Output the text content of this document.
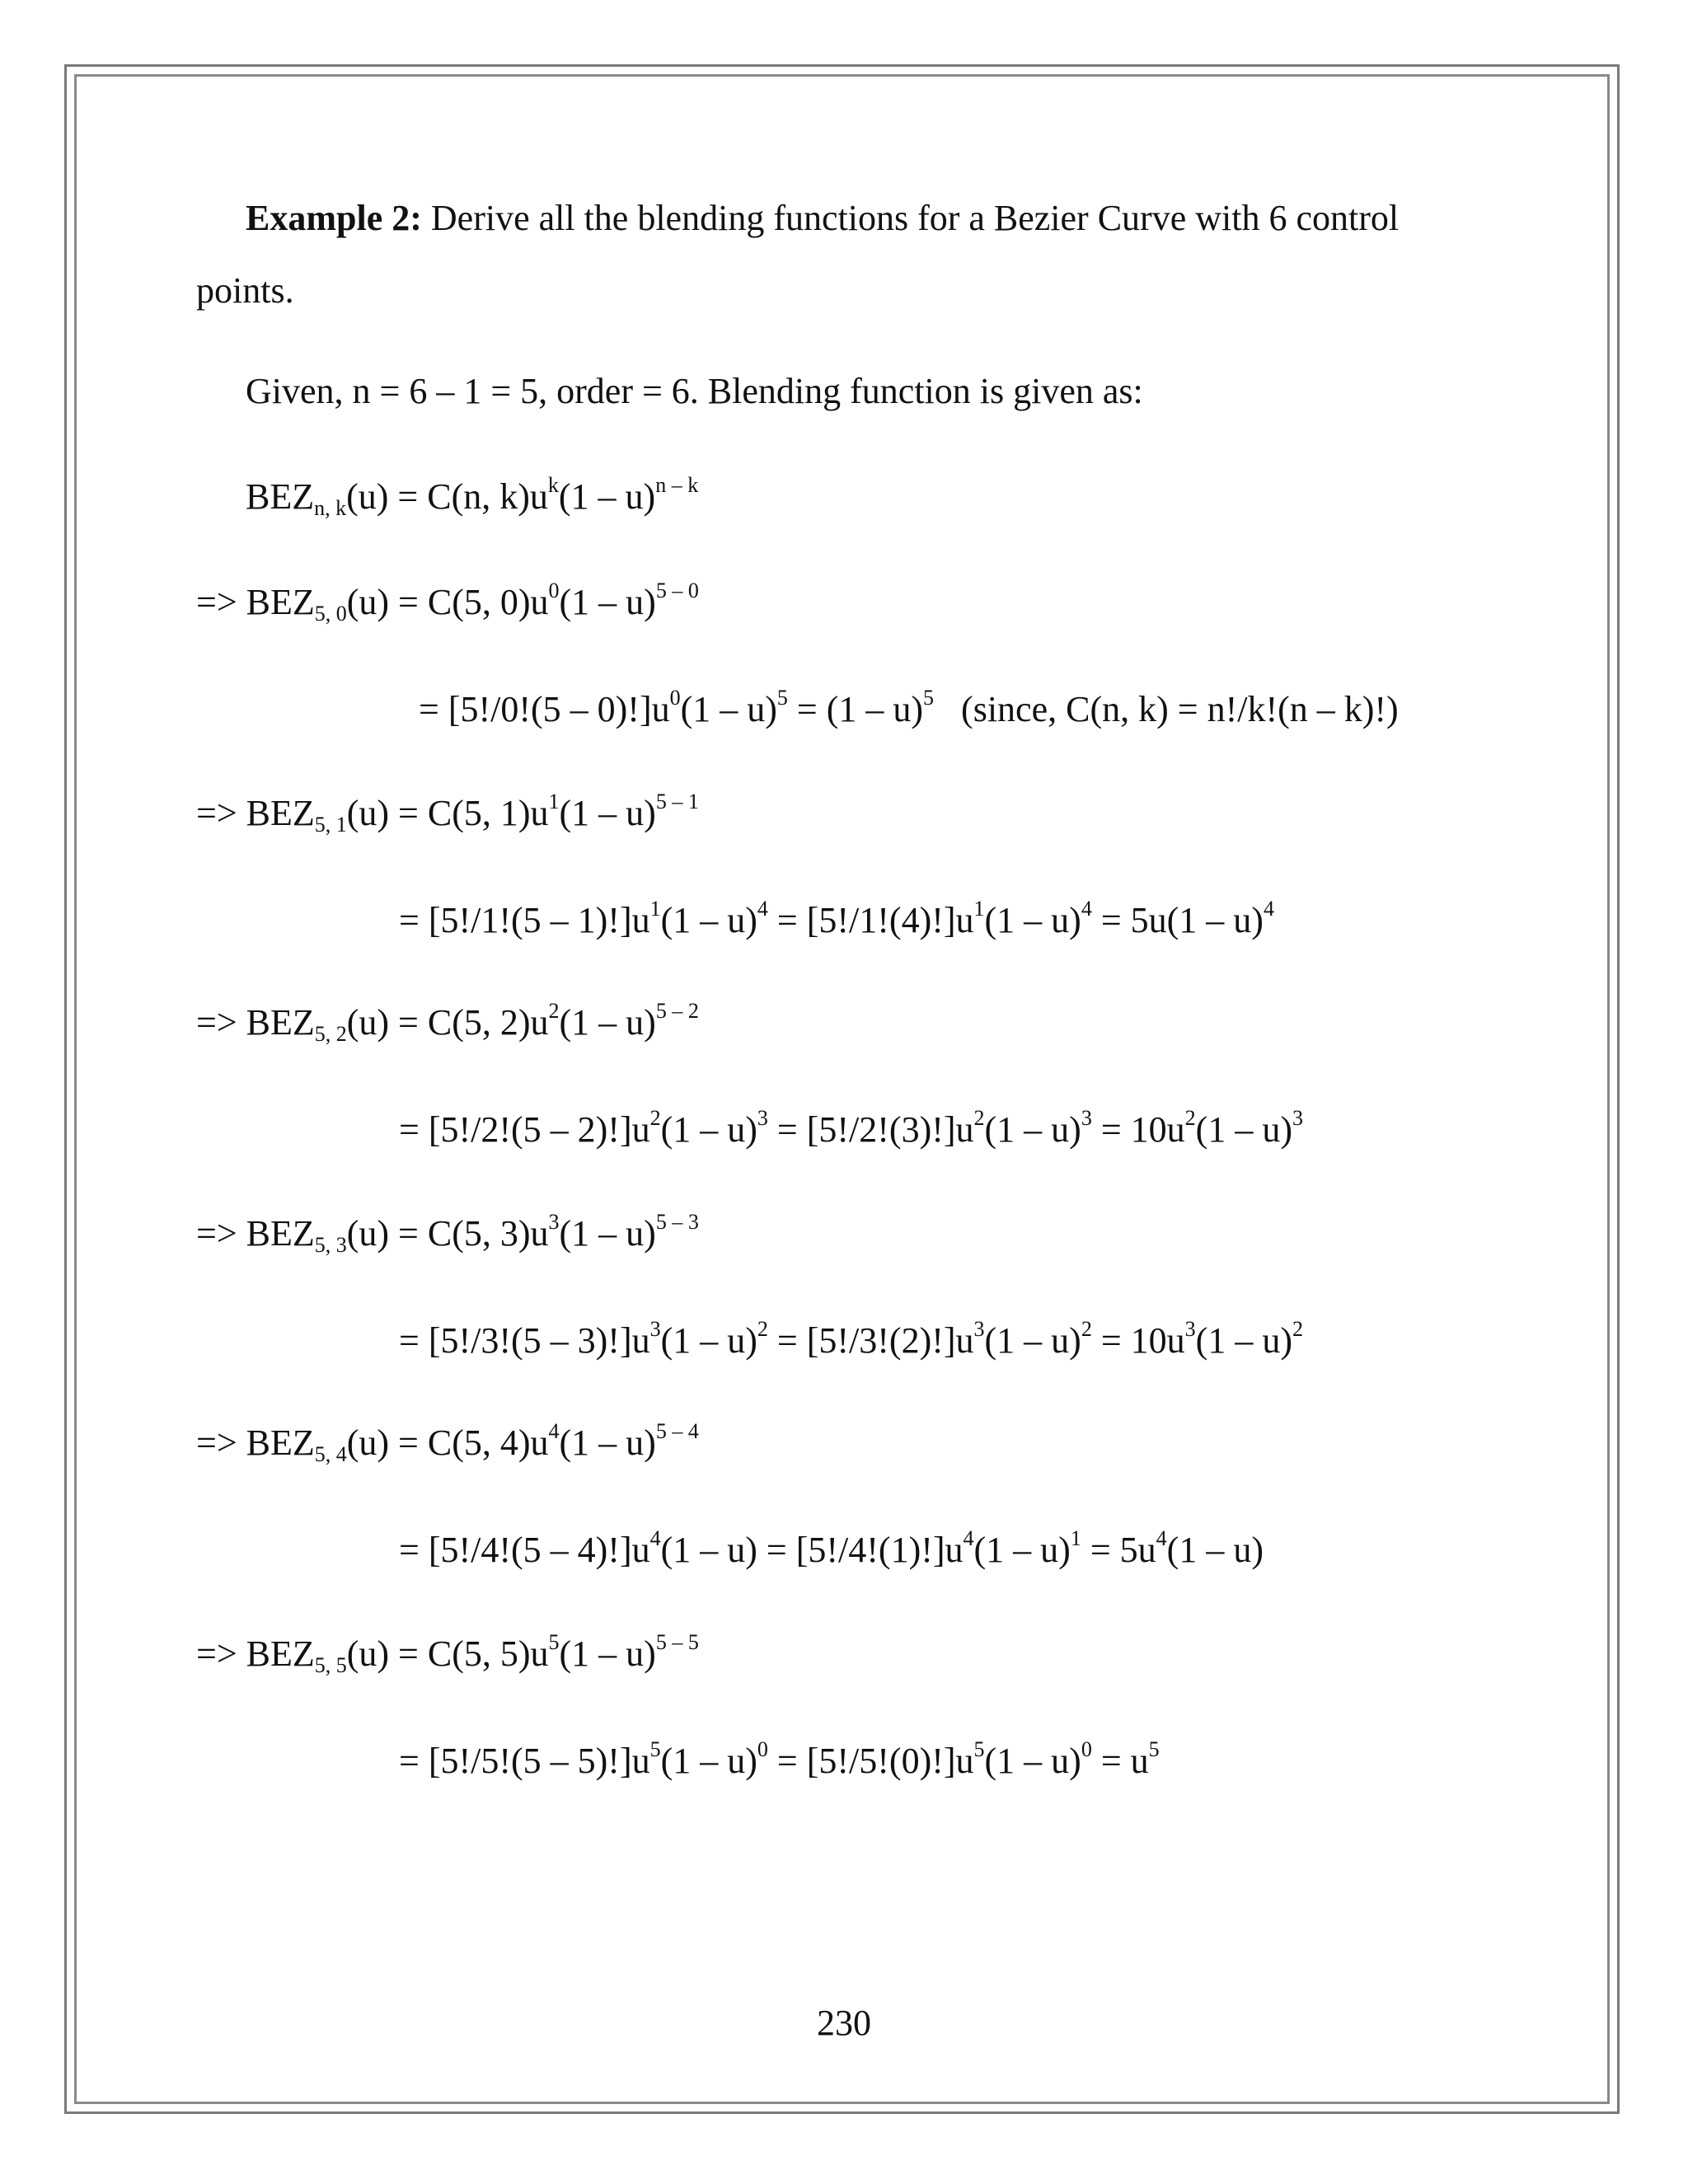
Example 2: Derive all the blending functions for a Bezier Curve with 6 control
points.
Given, n = 6 – 1 = 5, order = 6. Blending function is given as:
$BEZ_{n, k}(u) = C(n$, $k)u^k(1 - u)^{n - k}$
=> $BEZ_{5, 0}(u) = C(5$, $0)u^0(1 - u)^{5 - 0}$
= $[5!/0!(5 - 0)!]u^0(1 - u)^5 = (1 - u)^5$   (since, C(n, k) = n!/k!(n – k)!)
=> $BEZ_{5, 1}(u) = C(5$, $1)u^1(1 - u)^{5 - 1}$
= $[5!/1!(5 - 1)!]u^1(1 - u)^4 = [5!/1!(4)!]u^1(1 - u)^4 = 5u(1 - u)^4$
=> $BEZ_{5, 2}(u) = C(5$, $2)u^2(1 - u)^{5 - 2}$
= $[5!/2!(5 - 2)!]u^2(1 - u)^3 = [5!/2!(3)!]u^2(1 - u)^3 = 10u^2(1 - u)^3$
=> $BEZ_{5, 3}(u) = C(5$, $3)u^3(1 - u)^{5 - 3}$
= $[5!/3!(5 - 3)!]u^3(1 - u)^2 = [5!/3!(2)!]u^3(1 - u)^2 = 10u^3(1 - u)^2$
=> $BEZ_{5, 4}(u) = C(5$, $4)u^4(1 - u)^{5 - 4}$
= $[5!/4!(5 - 4)!]u^4(1 - u) = [5!/4!(1)!]u^4(1 - u)^1 = 5u^4(1 - u)$
=> $BEZ_{5, 5}(u) = C(5$, $5)u^5(1 - u)^{5 - 5}$
= $[5!/5!(5 - 5)!]u^5(1 - u)^0 = [5!/5!(0)!]u^5(1 - u)^0 = u^5$
230
